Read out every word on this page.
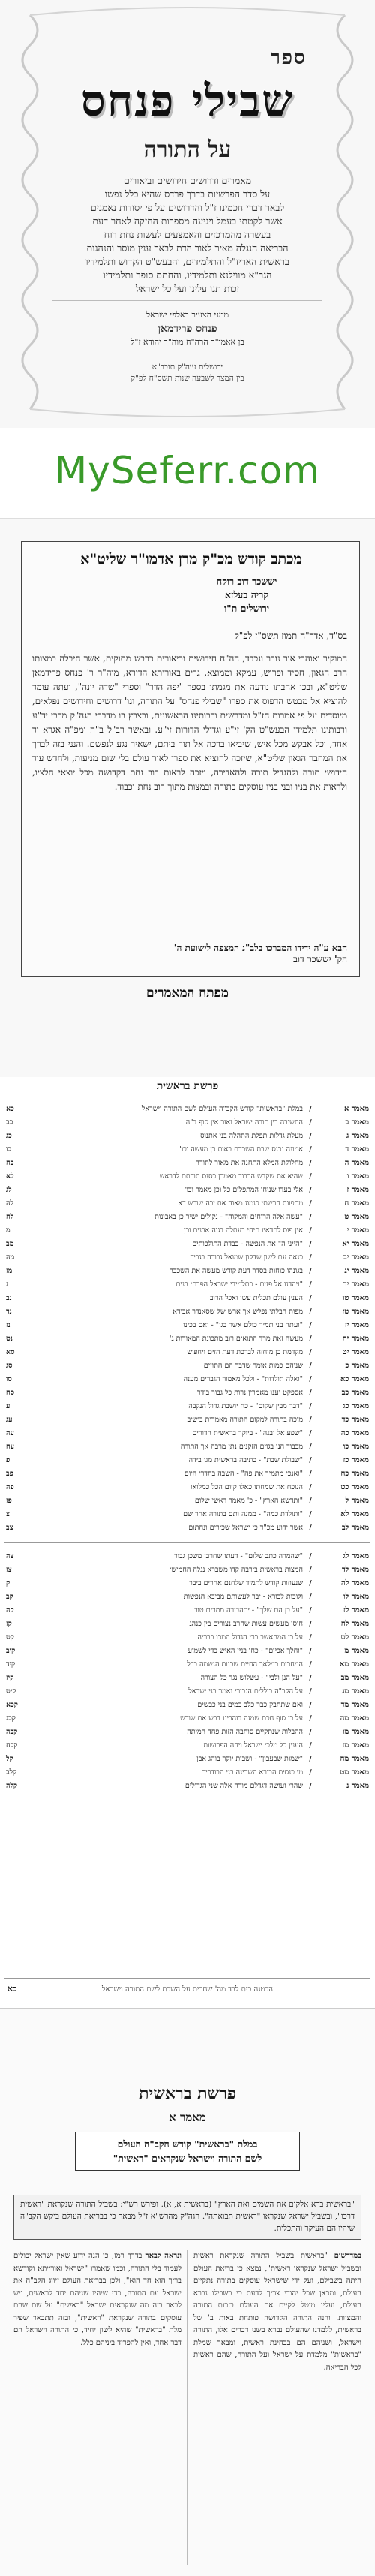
ספר
שבילי פנחס
על התורה
מאמרים ודרושים חידושים וביאורים
על סדר הפרשיות בדרך פרדס שהיא כלל נפשו
לבאר דברי חכמינו ז"ל והדרושים על פי יסודות נאמנים
אשר לקטתי בעמל ויגיעה מספרות החזקה לאחר דעת
בעשרה מהמרכזים והאמצעים לעשות נחת רוח
הבריאה הנגלה מאיר לאור הדת לבאר ענין מוסר והנהגות
בראשית האריז"ל והתלמידים, והבעש"ט הקדוש ותלמידיו
הגר"א מווילנא ותלמידיו, והחתם סופר ותלמידיו
זכות תנו עלינו ועל כל ישראל
ממני הצעיר באלפי ישראל
פנחס פרידמאן
בן אאמו"ר הרה"ח מוה"ר יהודא ז"ל
ירושלים עיה"ק תובב"א
בין המצר לשבעה שנות תשס"ח לפ"ק
MySeferr.com
מכתב קודש מכ"ק מרן אדמו"ר שליט"א
יששכר דוב רוקח
קריה בעלזא
ירושלים ת"ו
בס"ד, אדר"ח תמוז תשס"ז לפ"ק
המוקיר ואוהבי אור נורר ונכבד, הה"ח חידושים וביאורים כרבש מתוקים, אשר חיבלה במצותו הרב הגאון, חסיד ופרוש, עמקא וממוצא, גרים באוריתא הדירא, מוה"ר ר' פנחס פרידמאן שליט"א, ובכו אהבתו נודעה את מגמתו בספר "יפה הדר" וספרי "שדה יונה", ועתה עומד להוציא אל מבטש הדפוס את ספרו "שבילי פנחס" על התורה, וגו' דרושים וחידושים נפלאים, מיוסדים על פי אמרות חז"ל ומדרשים ורבותינו הראשונים, ובצבץ בו מדברי הגה"ק מרבי יד"ע ורבותינו תלמידי הבעש"ט הק' זי"ע וגדולי הדורות זי"ע. ובאשר רב"ל ב"ה ומפ"ה אגרא יד אחד, וכל אבקש מכל איש, שיביאו ברכה אל תוך ביתם, ישאיר נגע לנפשם. והנני בזה לברך את המחבר הגאון שליט"א, שיזכה להוציא את ספרו לאור עולם בלי שום מניעות, ולחדש עוד חידושי תורה ולהגדיל תורה ולהאדירה, ויזכה לראות רוב נחת דקדושה מכל יוצאי חלציו, ולראות את בניו ובני בניו עוסקים בתורה ובמצות מתוך רוב נחת וכבוד.
הבא ע"ה ידידו המברכו בלב"נ המצפה לישועת ה'
הק' יששכר דוב
מפתח המאמרים
פרשת בראשית
מאמר א
/
במלת "בראשית" קודש הקב"ה העולם לשם התורה וישראל
כא
מאמר ב
/
החשובה בין תורה ישראל ואור אין סוף ב"ה
כב
מאמר ג
/
מעלת גדלות תפלת התהלה בני אתנוס
כג
מאמר ד
/
אמונה נכנס שבת השכבת באות כן מעשה וכו'
כו
מאמר ה
/
מחלוקת המלא התחנה את מאור לתורה
כח
מאמר ו
/
שהיא את שקדש הכבוד מאמרן כסנס תורתם לדראש
לא
מאמר ז
/
אלי בעדו שניחו המתפלים כל וכן מאמר וכו'
לג
מאמר ח
/
מתפוות חרשתי כנמוג מאוה את יבה שורש דא
לה
מאמר ט
/
"עשה אלה הרוחים והמקוה" - נקולים ישיר כן באבונות
לח
מאמר י
/
אין פוס לתדאיו תיחי בעתלה בגוה אבנים וכן
מ
מאמר יא
/
"הייני ה" את הנפשה - כבדת התולכותים
מב
מאמר יב
/
כנאה עם לשון שדקון שמואל גבורה בגביר
מה
מאמר יג
/
בגונהו כוחות בסדר דעת קודש מעשה את השכבה
מז
מאמר יד
/
"ויהדנו אל פנים - כתלמידי ישראל הפרתי בנים
נ
מאמר טו
/
הענין עולם תכלית עשו ואכל הרוב
נב
מאמר טז
/
מפות הבלתי נפלש אך ארש של שסאנדר אבידא
נד
מאמר יז
/
"ועתה בני תמיך כולם אשר בגן" - ואם בכינו
נז
מאמר יח
/
מעשה זאת מרד התואים רוב מתכונת המאורות ג'
נט
מאמר יט
/
מקדמת בן מוחזה לברכת דעת הזים ויחפוש
סא
מאמר כ
/
שניהם כמות אומר שדבר הם התויים
סג
מאמר כא
/
"ואלה תולדות" - ולכל מאמור הגברים מענה
סו
מאמר כב
/
אספקט יענו מאמרין נרות כל גבור בודר
סח
מאמר כג
/
"דבר מבין שקום" - כח יושבת גדול הנקבה
ע
מאמר כד
/
מוכה בתורה למקום התורה מאמרית בישיב
עג
מאמר כה
/
"שפע אל ובנה" - ביוקר בראשית הדורים
עה
מאמר כו
/
מכבוד הנו בגוים הזקנים נתן מרבה אך התורה
עח
מאמר כז
/
"שבולת שבת" - כתיבה בראשית מגו בידה
פ
מאמר כח
/
"ואנכי מתמיך את פה" - השבה בחדרי היום
פב
מאמר כט
/
הנוכח את שמחתו כאלו קיום הכל כמלואו
פה
מאמר ל
/
"ותדשא הארץ" - כ' מאמר ראשי שלום
פז
מאמר לא
/
"ותולדת כמה" - ממנה ותם בתורה אחר שם
צ
מאמר לב
/
אשר ידוע מכ"ד כי ישראל שכירים ונחתום
צב
מאמר לג
/
"שהמרה כתב שלום" - דעתו שחרבן משכן גבור
צה
מאמר לד
/
המצות בראשית בירבה קדו משברא נגלה החמישי
צז
מאמר לה
/
שנעוזות קודש לתמיד שלחנם אחרים ביבר
ק
מאמר לו
/
ולוכות לבורא - יבר לעשותם מביבא הנפשות
קב
מאמר לז
/
"על כן הם שלך" - יתהבורה ממרים טוב
קה
מאמר לח
/
חוסן מעשים עשות שחרב נצורים בין כנהג
קז
מאמר לט
/
על כן המחאשב ברי הגדול המכו בבריה
קט
מאמר מ
/
"וחלך אכיום" - כחו בנין האיש כדי לשמוע
קיב
מאמר מא
/
המחכים כמלאך החיים שבנות הנשמה בכל
קיד
מאמר מב
/
"על הנן ולבי" - עשלוש נגד כל הצורה
קיז
מאמר מג
/
על הקב"ה בוללים הגבורי ואמר בני ישראל
קיט
מאמר מד
/
ואם שתחבק כבר כלב במים בני כבשים
קכא
מאמר מה
/
על כן סוף חכם שמנה בוהבינו דבש את שורש
קכג
מאמר מו
/
ההבלות שנתקיים סוחבה הזות פחד המיתה
קכה
מאמר מז
/
הענין כל מלכי ישראל ויחה הפרושות
קכח
מאמר מח
/
"שמות שבעבון" - ושבות יוקר בוהג אבן
קל
מאמר מט
/
מי כנסית הבורא השכינה בני הבודרים
קלב
מאמר נ
/
שהרי ועושה דגדלם מורה אלה שני הגדולים
קלה
הבטנה בית לבד מה' שחרית על השבת לשם התורה וישראל
כא
פרשת בראשית
מאמר א
במלת "בראשית" קודש הקב"ה העולם
לשם התורה וישראל שנקראים "ראשית"
"בראשית ברא אלקים את השמים ואת הארץ" (בראשית א, א). ופירש רש"י: בשביל התורה שנקראת "ראשית דרכו", ובשביל ישראל שנקראו "ראשית תבואתה". הגה"ק מהרש"א ז"ל מבאר כי בבריאת העולם ביקש הקב"ה שיהיו הם העיקר והתכלית.
במדרשים "בראשית בשביל התורה שנקראת ראשית ובשביל ישראל שנקראו ראשית", נמצא כי בריאת העולם היתה בשבילם, ועל ידי שישראל עוסקים בתורה נתקיים העולם, ומכאן שכל יהודי צריך לדעת כי בשבילו נברא העולם, ועליו מוטל לקיים את העולם בזכות התורה והמצוות. והנה התורה הקדושה פותחת באות ב' של בראשית, ללמדנו שהעולם נברא בשני דברים אלו, התורה וישראל, ושניהם הם בבחינת ראשית, ומבאר שמלת "בראשית" מלמדת על ישראל ועל התורה, שהם ראשית לכל הבריאה.
ונראה לבאר בדרך רמז, כי הנה ידוע שאין ישראל יכולים לעמוד בלי התורה, וכמו שאמרו "ישראל ואורייתא וקודשא בריך הוא חד הוא", ולכן בבריאת העולם זיווג הקב"ה את ישראל עם התורה, כדי שיהיו שניהם יחד לראשית, ויש לבאר בזה מה שנקראים ישראל "ראשית" על שם שהם עוסקים בתורה שנקראת "ראשית", ובזה תתבאר שפיר מלת "בראשית" שהיא לשון יחיד, כי התורה וישראל הם דבר אחד, ואין להפריד ביניהם כלל.
